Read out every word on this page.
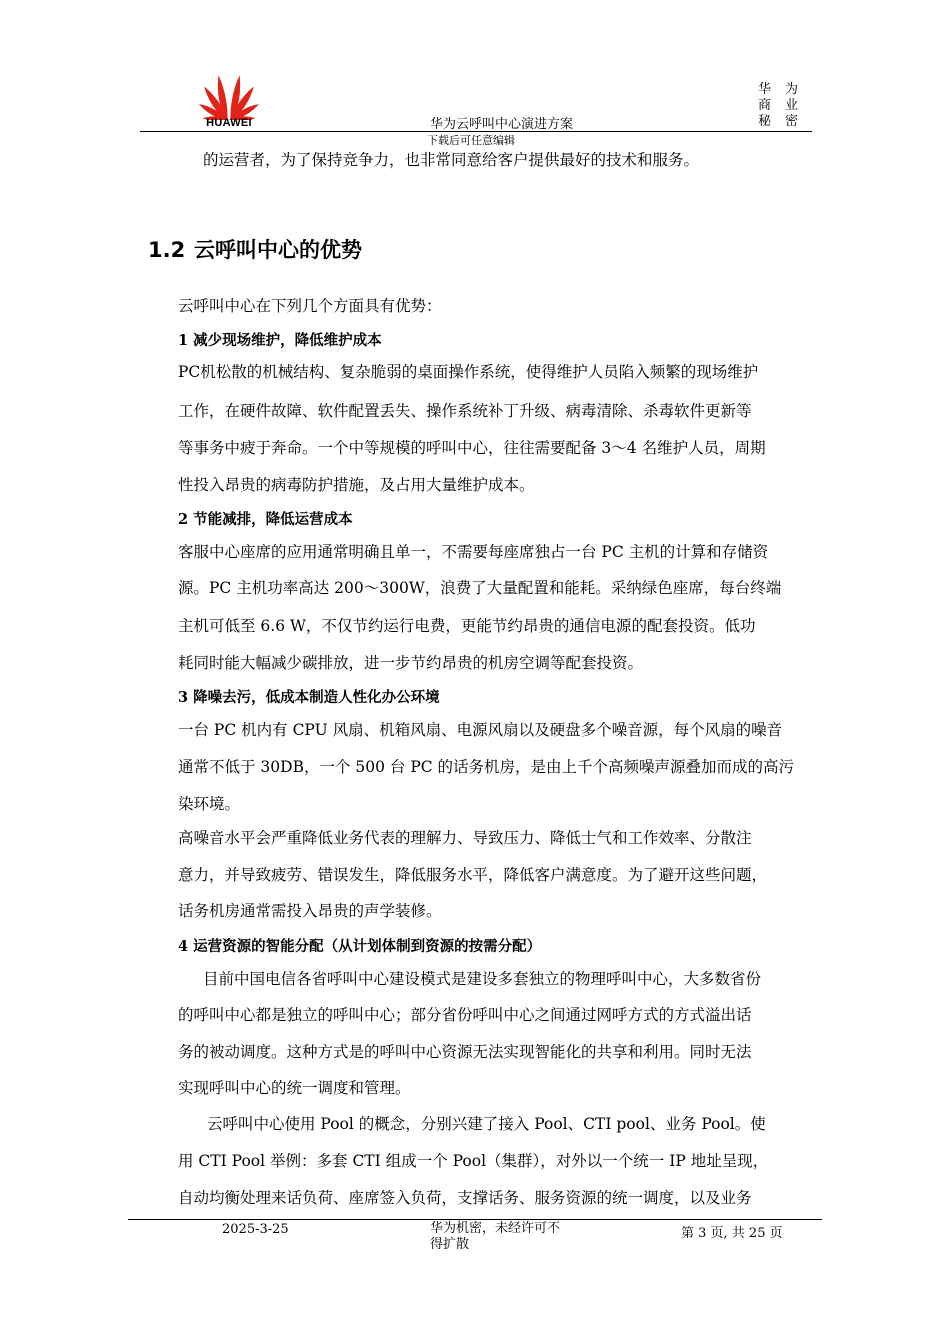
HUAWEI	华为云呼叫中心演进方案
华 为
商 业
秘密
下载后可任意编辑
的运营者，为了保持竞争力，也非常同意给客户提供最好的技术和服务。
1.2 云呼叫中心的优势
云呼叫中心在下列几个方面具有优势：
1 减少现场维护，降低维护成本
PC机松散的机械结构、复杂脆弱的桌面操作系统，使得维护人员陷入频繁的现场维护
工作，在硬件故障、软件配置丢失、操作系统补丁升级、病毒清除、杀毒软件更新等
等事务中疲于奔命。一个中等规模的呼叫中心，往往需要配备 3～4 名维护人员，周期
性投入昂贵的病毒防护措施，及占用大量维护成本。
2 节能减排，降低运营成本
客服中心座席的应用通常明确且单一，不需要每座席独占一台 PC 主机的计算和存储资
源。PC 主机功率高达 200～300W，浪费了大量配置和能耗。采纳绿色座席，每台终端
主机可低至 6.6 W，不仅节约运行电费，更能节约昂贵的通信电源的配套投资。低功
耗同时能大幅减少碳排放，进一步节约昂贵的机房空调等配套投资。
3 降噪去污，低成本制造人性化办公环境
一台 PC 机内有 CPU 风扇、机箱风扇、电源风扇以及硬盘多个噪音源，每个风扇的噪音
通常不低于 30DB，一个 500 台 PC 的话务机房，是由上千个高频噪声源叠加而成的高污
染环境。
高噪音水平会严重降低业务代表的理解力、导致压力、降低士气和工作效率、分散注
意力，并导致疲劳、错误发生，降低服务水平，降低客户满意度。为了避开这些问题，
话务机房通常需投入昂贵的声学装修。
4 运营资源的智能分配（从计划体制到资源的按需分配）
目前中国电信各省呼叫中心建设模式是建设多套独立的物理呼叫中心，大多数省份
的呼叫中心都是独立的呼叫中心；部分省份呼叫中心之间通过网呼方式的方式溢出话
务的被动调度。这种方式是的呼叫中心资源无法实现智能化的共享和利用。同时无法
实现呼叫中心的统一调度和管理。
云呼叫中心使用 Pool 的概念，分别兴建了接入 Pool、CTI pool、业务 Pool。使
用 CTI Pool 举例：多套 CTI 组成一个 Pool（集群），对外以一个统一 IP 地址呈现，
自动均衡处理来话负荷、座席签入负荷，支撑话务、服务资源的统一调度，以及业务
2025-3-25	华为机密，未经许可不得扩散
第 3 页, 共 25 页
